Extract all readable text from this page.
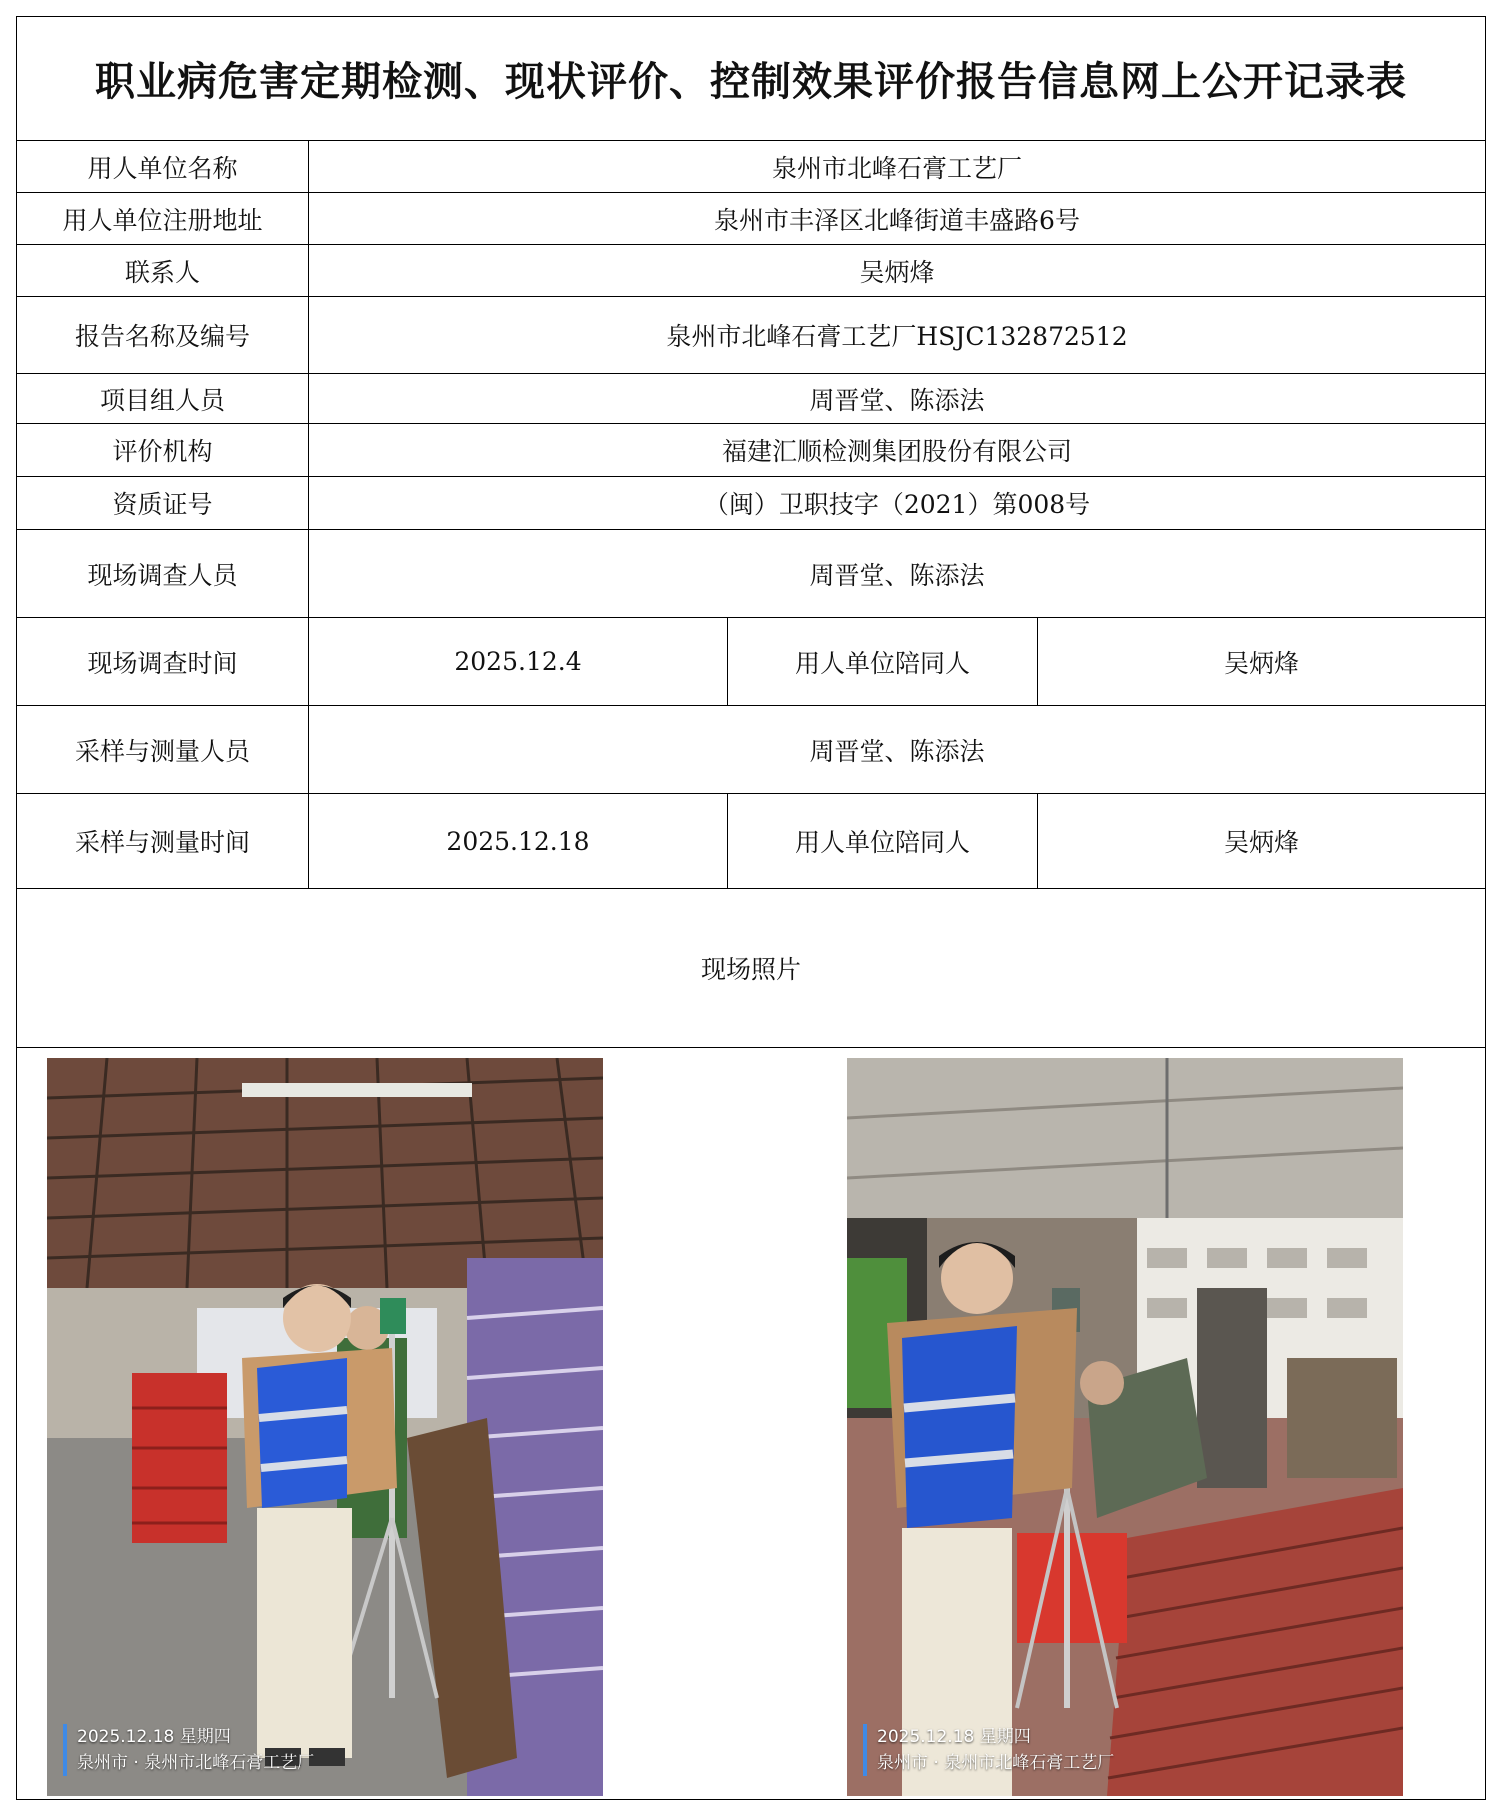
职业病危害定期检测、现状评价、控制效果评价报告信息网上公开记录表
用人单位名称	泉州市北峰石膏工艺厂
用人单位注册地址	泉州市丰泽区北峰街道丰盛路6号
联系人	吴炳烽
报告名称及编号	泉州市北峰石膏工艺厂HSJC132872512
项目组人员	周晋堂、陈添法
评价机构	福建汇顺检测集团股份有限公司
资质证号	（闽）卫职技字（2021）第008号
现场调查人员	周晋堂、陈添法
现场调查时间	2025.12.4	用人单位陪同人	吴炳烽
采样与测量人员	周晋堂、陈添法
采样与测量时间	2025.12.18	用人单位陪同人	吴炳烽
现场照片
2025.12.18 星期四
泉州市 · 泉州市北峰石膏工艺厂
2025.12.18 星期四
泉州市 · 泉州市北峰石膏工艺厂
